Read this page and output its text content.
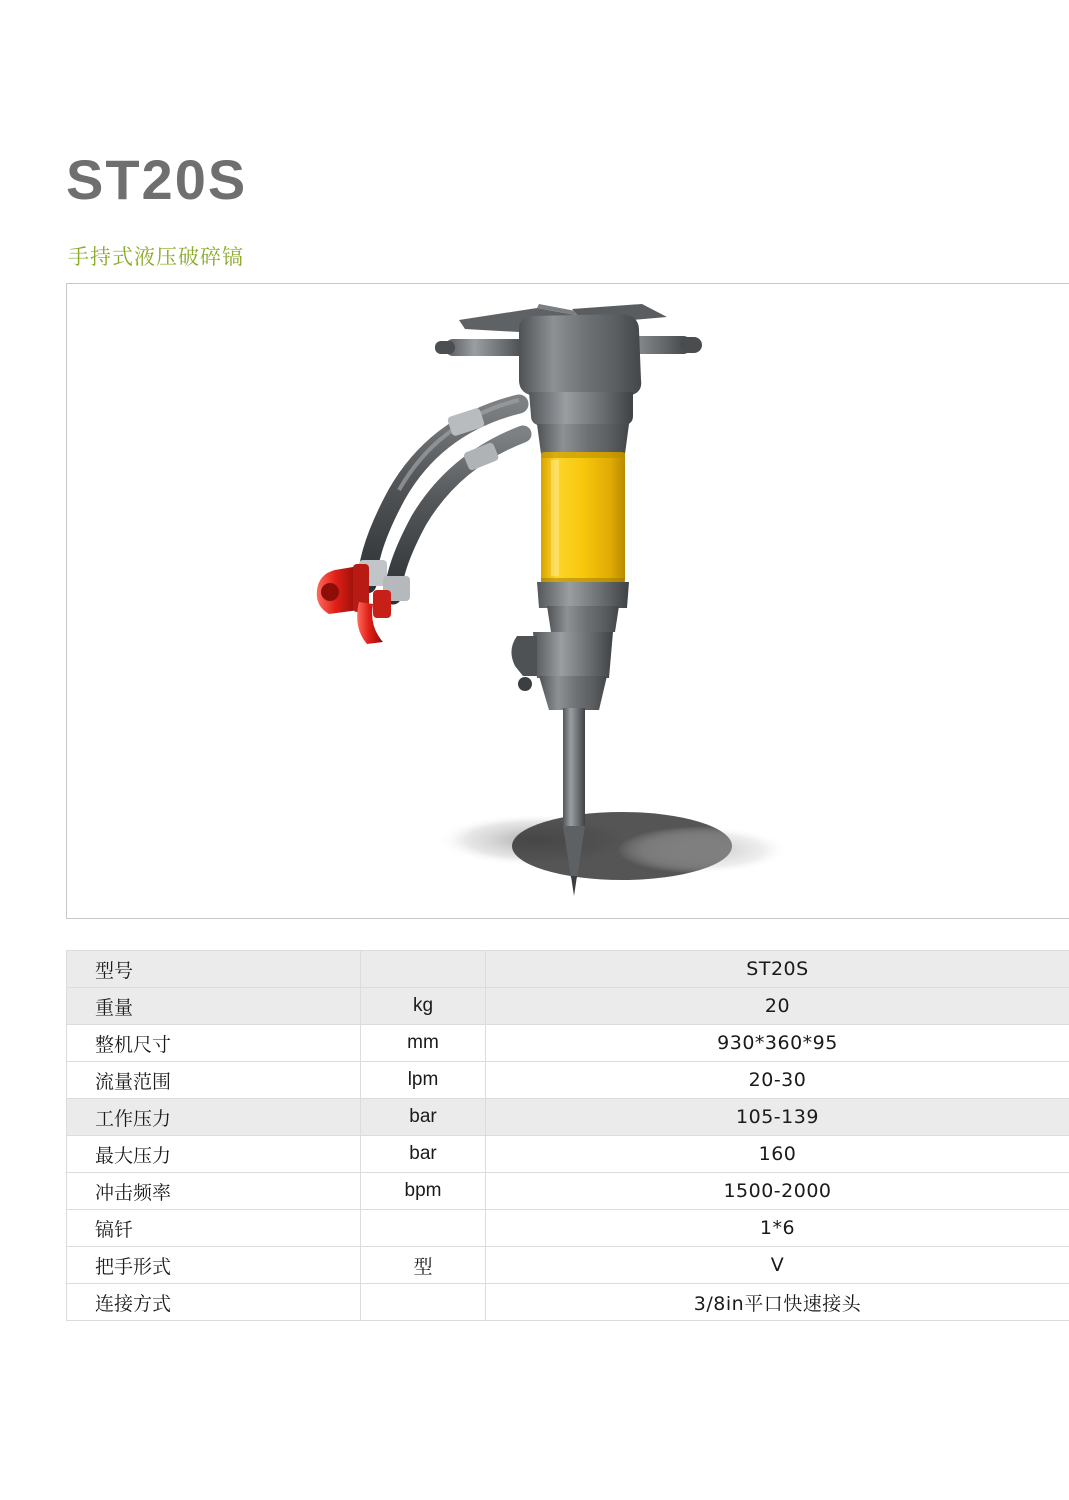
ST20S
手持式液压破碎镐
型号		ST20S
重量	kg	20
整机尺寸	mm	930*360*95
流量范围	lpm	20-30
工作压力	bar	105-139
最大压力	bar	160
冲击频率	bpm	1500-2000
镐钎		1*6
把手形式	型	V
连接方式		3/8in平口快速接头
